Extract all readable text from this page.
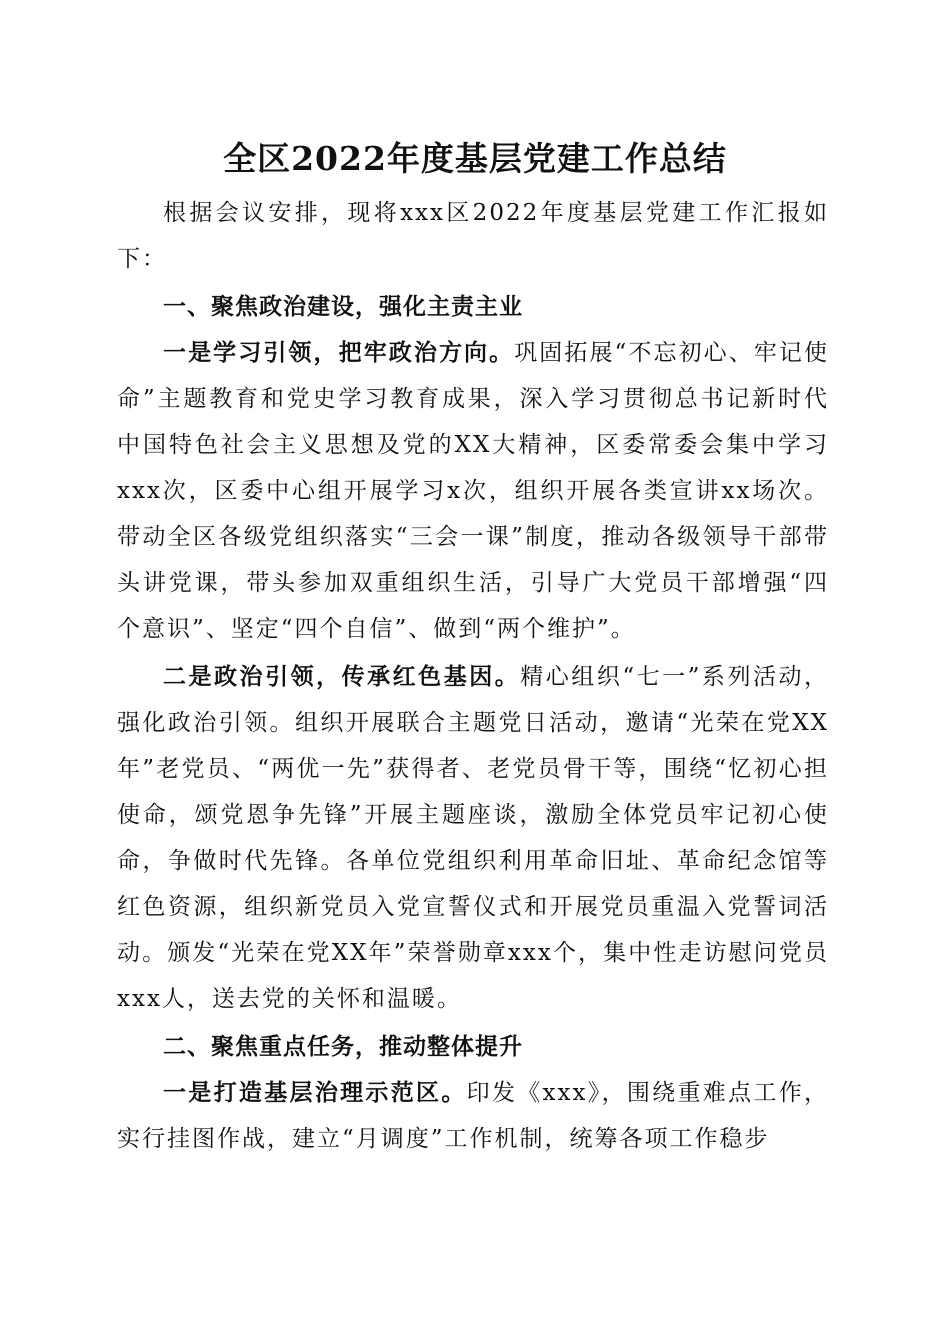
全区2022年度基层党建工作总结

根据会议安排，现将xxx区2022年度基层党建工作汇报如下：

一、聚焦政治建设，强化主责主业

一是学习引领，把牢政治方向。巩固拓展“不忘初心、牢记使命”主题教育和党史学习教育成果，深入学习贯彻总书记新时代中国特色社会主义思想及党的XX大精神，区委常委会集中学习xxx次，区委中心组开展学习x次，组织开展各类宣讲xx场次。带动全区各级党组织落实“三会一课”制度，推动各级领导干部带头讲党课，带头参加双重组织生活，引导广大党员干部增强“四个意识”、坚定“四个自信”、做到“两个维护”。

二是政治引领，传承红色基因。精心组织“七一”系列活动，强化政治引领。组织开展联合主题党日活动，邀请“光荣在党XX年”老党员、“两优一先”获得者、老党员骨干等，围绕“忆初心担使命，颂党恩争先锋”开展主题座谈，激励全体党员牢记初心使命，争做时代先锋。各单位党组织利用革命旧址、革命纪念馆等红色资源，组织新党员入党宣誓仪式和开展党员重温入党誓词活动。颁发“光荣在党XX年”荣誉勋章xxx个，集中性走访慰问党员xxx人，送去党的关怀和温暖。

二、聚焦重点任务，推动整体提升

一是打造基层治理示范区。印发《xxx》，围绕重难点工作，实行挂图作战，建立“月调度”工作机制，统筹各项工作稳步
